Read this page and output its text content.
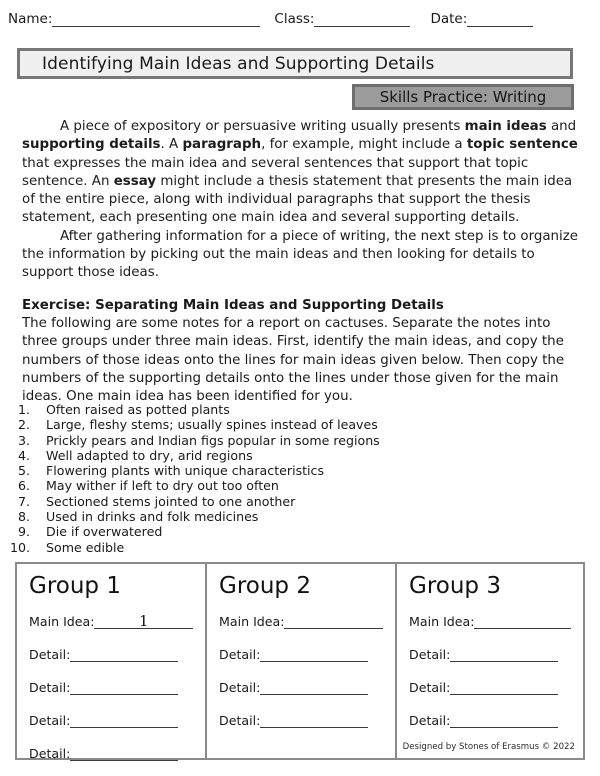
Name:	Class:	Date:
Identifying Main Ideas and Supporting Details
Skills Practice: Writing

A piece of expository or persuasive writing usually presents main ideas and supporting details. A paragraph, for example, might include a topic sentence that expresses the main idea and several sentences that support that topic sentence. An essay might include a thesis statement that presents the main idea of the entire piece, along with individual paragraphs that support the thesis statement, each presenting one main idea and several supporting details.

After gathering information for a piece of writing, the next step is to organize the information by picking out the main ideas and then looking for details to support those ideas.

Exercise: Separating Main Ideas and Supporting Details

The following are some notes for a report on cactuses. Separate the notes into three groups under three main ideas. First, identify the main ideas, and copy the numbers of those ideas onto the lines for main ideas given below. Then copy the numbers of the supporting details onto the lines under those given for the main ideas. One main idea has been identified for you.

1.	Often raised as potted plants
2.	Large, fleshy stems; usually spines instead of leaves
3.	Prickly pears and Indian figs popular in some regions
4.	Well adapted to dry, arid regions
5.	Flowering plants with unique characteristics
6.	May wither if left to dry out too often
7.	Sectioned stems jointed to one another
8.	Used in drinks and folk medicines
9.	Die if overwatered
10.	Some edible
Group 1
Main Idea:	1
Detail:
Detail:
Detail:
Detail:
Group 2
Main Idea:
Detail:
Detail:
Detail:
Group 3
Main Idea:
Detail:
Detail:
Detail:
Designed by Stones of Erasmus © 2022
